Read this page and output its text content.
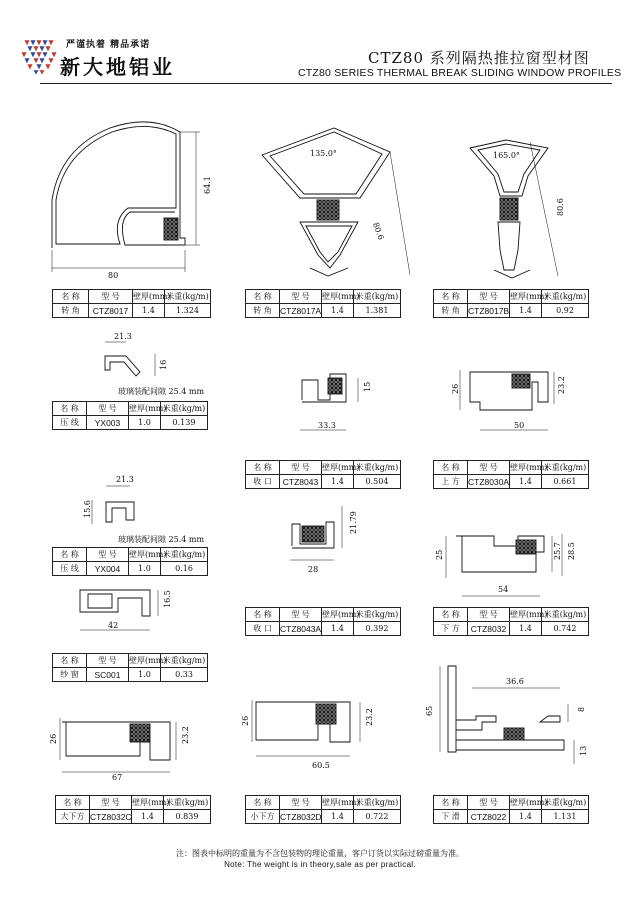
严谨执着 精品承诺
新大地铝业	CTZ80 系列隔热推拉窗型材图
CTZ80 SERIES THERMAL BREAK SLIDING WINDOW PROFILES
64.1
80
135.0°
80.6
165.0°
80.6
21.3
16
玻璃装配间隙 25.4 mm	15
33.3
26	23.2
50
21.3
15.6
玻璃装配间隙 25.4 mm
21.79
28
25	25.7 28.5
54
16.5
42
26	23.2
67
26	23.2
60.5
65
36.6
8
13
名 称	型 号	壁厚(mm)	米重(kg/m)
转 角	CTZ8017	1.4	1.324
名 称	型 号	壁厚(mm)	米重(kg/m)
转 角	CTZ8017A	1.4	1.381
名 称	型 号	壁厚(mm)	米重(kg/m)
转 角	CTZ8017B	1.4	0.92
名 称	型 号	壁厚(mm)	米重(kg/m)
压 线	YX003	1.0	0.139
名 称	型 号	壁厚(mm)	米重(kg/m)
收 口	CTZ8043	1.4	0.504
名 称	型 号	壁厚(mm)	米重(kg/m)
上 方	CTZ8030A	1.4	0.661
名 称	型 号	壁厚(mm)	米重(kg/m)
压 线	YX004	1.0	0.16
名 称	型 号	壁厚(mm)	米重(kg/m)
收 口	CTZ8043A	1.4	0.392
名 称	型 号	壁厚(mm)	米重(kg/m)
下 方	CTZ8032	1.4	0.742
名 称	型 号	壁厚(mm)	米重(kg/m)
纱 窗	SC001	1.0	0.33
名 称	型 号	壁厚(mm)	米重(kg/m)
大下方	CTZ8032C	1.4	0.839
名 称	型 号	壁厚(mm)	米重(kg/m)
小下方	CTZ8032D	1.4	0.722
名 称	型 号	壁厚(mm)	米重(kg/m)
下 滑	CTZ8022	1.4	1.131
注：图表中标明的重量为不含包装物的理论重量，客户订货以实际过磅重量为准。
Note: The weight is in theory,sale as per practical.
